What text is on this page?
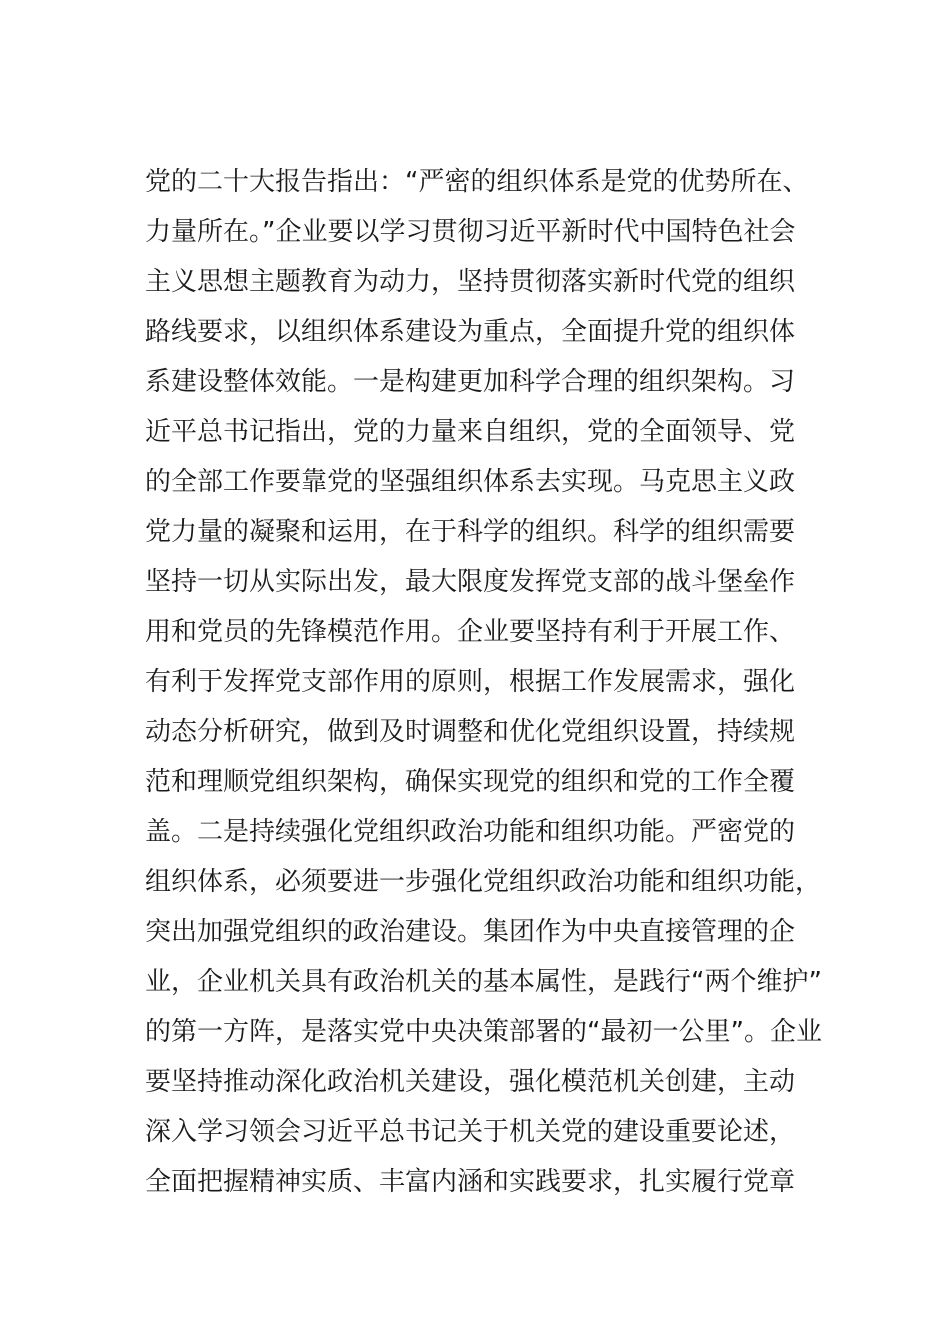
党的二十大报告指出：“严密的组织体系是党的优势所在、
力量所在。”企业要以学习贯彻习近平新时代中国特色社会
主义思想主题教育为动力，坚持贯彻落实新时代党的组织
路线要求，以组织体系建设为重点，全面提升党的组织体
系建设整体效能。一是构建更加科学合理的组织架构。习
近平总书记指出，党的力量来自组织，党的全面领导、党
的全部工作要靠党的坚强组织体系去实现。马克思主义政
党力量的凝聚和运用，在于科学的组织。科学的组织需要
坚持一切从实际出发，最大限度发挥党支部的战斗堡垒作
用和党员的先锋模范作用。企业要坚持有利于开展工作、
有利于发挥党支部作用的原则，根据工作发展需求，强化
动态分析研究，做到及时调整和优化党组织设置，持续规
范和理顺党组织架构，确保实现党的组织和党的工作全覆
盖。二是持续强化党组织政治功能和组织功能。严密党的
组织体系，必须要进一步强化党组织政治功能和组织功能，
突出加强党组织的政治建设。集团作为中央直接管理的企
业，企业机关具有政治机关的基本属性，是践行“两个维护”
的第一方阵，是落实党中央决策部署的“最初一公里”。企业
要坚持推动深化政治机关建设，强化模范机关创建，主动
深入学习领会习近平总书记关于机关党的建设重要论述，
全面把握精神实质、丰富内涵和实践要求，扎实履行党章
